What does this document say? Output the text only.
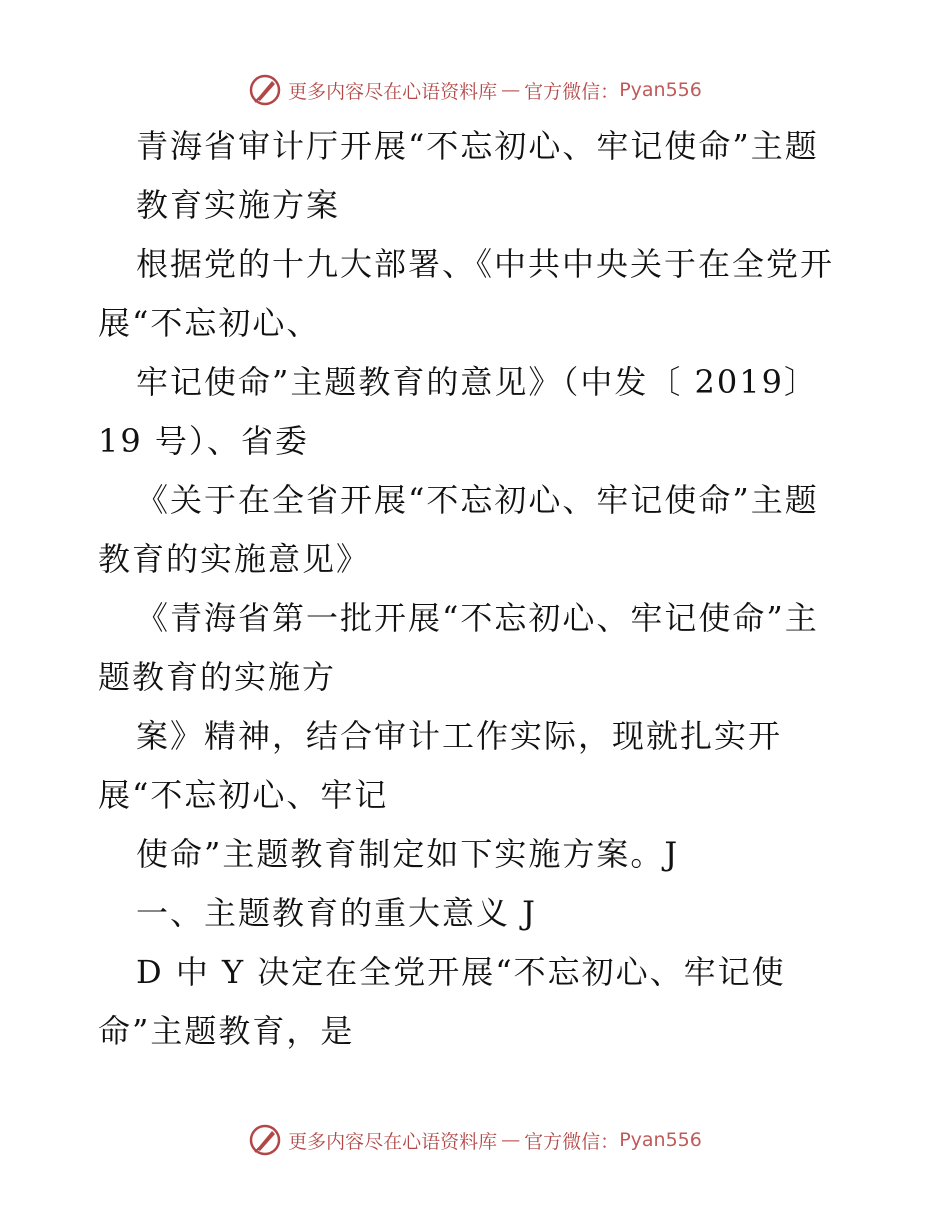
更多内容尽在心语资料库 — 官方微信： Pyan556
青海省审计厅开展“不忘初心、牢记使命”主题
教育实施方案
根据党的十九大部署、《中共中央关于在全党开
展“不忘初心、
牢记使命”主题教育的意见》（中发〔 2019〕
19 号）、省委
《关于在全省开展“不忘初心、牢记使命”主题
教育的实施意见》
《青海省第一批开展“不忘初心、牢记使命”主
题教育的实施方
案》精神，结合审计工作实际，现就扎实开
展“不忘初心、牢记
使命”主题教育制定如下实施方案。J
一、主题教育的重大意义 J
D 中 Y 决定在全党开展“不忘初心、牢记使
命”主题教育，是
更多内容尽在心语资料库 — 官方微信： Pyan556
